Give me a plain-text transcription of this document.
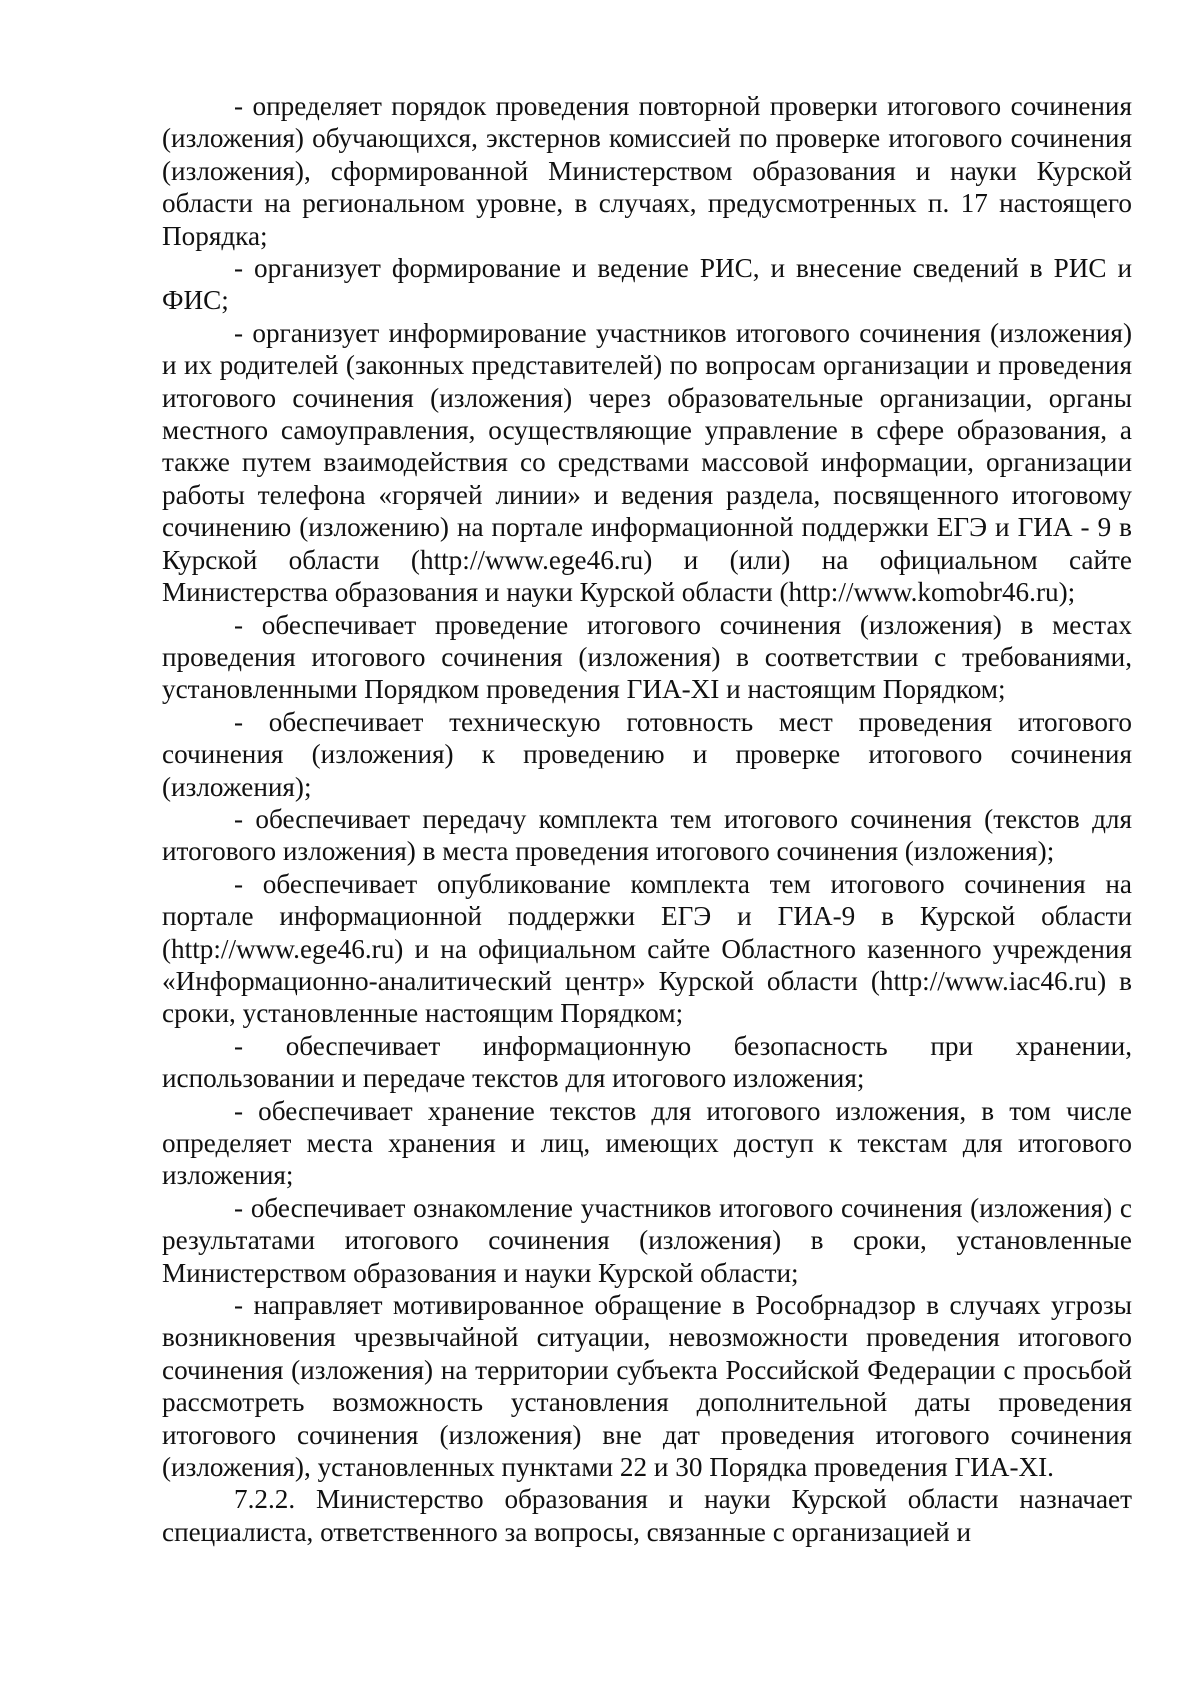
- определяет порядок проведения повторной проверки итогового сочинения (изложения) обучающихся, экстернов комиссией по проверке итогового сочинения (изложения), сформированной Министерством образования и науки Курской области на региональном уровне, в случаях, предусмотренных п. 17 настоящего Порядка;

- организует формирование и ведение РИС, и внесение сведений в РИС и ФИС;

- организует информирование участников итогового сочинения (изложения) и их родителей (законных представителей) по вопросам организации и проведения итогового сочинения (изложения) через образовательные организации, органы местного самоуправления, осуществляющие управление в сфере образования, а также путем взаимодействия со средствами массовой информации, организации работы телефона «горячей линии» и ведения раздела, посвященного итоговому сочинению (изложению) на портале информационной поддержки ЕГЭ и ГИА - 9 в Курской области (http://www.ege46.ru) и (или) на официальном сайте Министерства образования и науки Курской области (http://www.komobr46.ru);

- обеспечивает проведение итогового сочинения (изложения) в местах проведения итогового сочинения (изложения) в соответствии с требованиями, установленными Порядком проведения ГИА-XI и настоящим Порядком;

- обеспечивает техническую готовность мест проведения итогового сочинения (изложения) к проведению и проверке итогового сочинения (изложения);

- обеспечивает передачу комплекта тем итогового сочинения (текстов для итогового изложения) в места проведения итогового сочинения (изложения);

- обеспечивает опубликование комплекта тем итогового сочинения на портале информационной поддержки ЕГЭ и ГИА-9 в Курской области (http://www.ege46.ru) и на официальном сайте Областного казенного учреждения «Информационно-аналитический центр» Курской области (http://www.iac46.ru) в сроки, установленные настоящим Порядком;

- обеспечивает информационную безопасность при хранении, использовании и передаче текстов для итогового изложения;

- обеспечивает хранение текстов для итогового изложения, в том числе определяет места хранения и лиц, имеющих доступ к текстам для итогового изложения;

- обеспечивает ознакомление участников итогового сочинения (изложения) с результатами итогового сочинения (изложения) в сроки, установленные Министерством образования и науки Курской области;

- направляет мотивированное обращение в Рособрнадзор в случаях угрозы возникновения чрезвычайной ситуации, невозможности проведения итогового сочинения (изложения) на территории субъекта Российской Федерации с просьбой рассмотреть возможность установления дополнительной даты проведения итогового сочинения (изложения) вне дат проведения итогового сочинения (изложения), установленных пунктами 22 и 30 Порядка проведения ГИА-XI.

7.2.2. Министерство образования и науки Курской области назначает специалиста, ответственного за вопросы, связанные с организацией и
